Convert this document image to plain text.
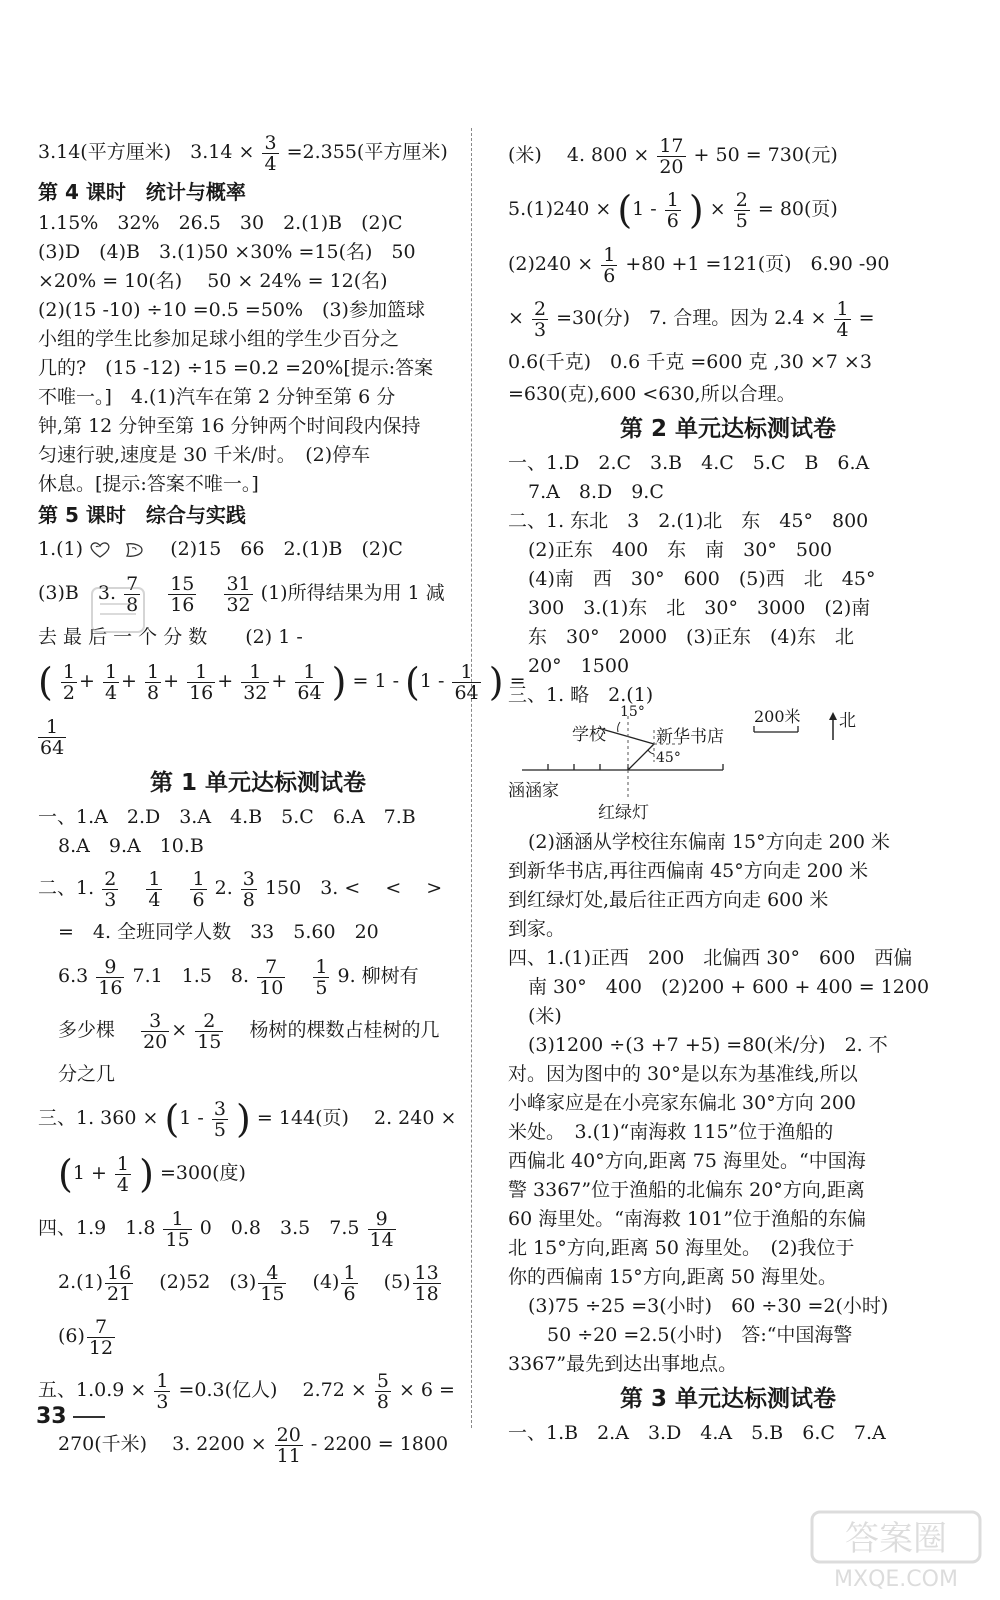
3.14(平方厘米)　$3.14 \times \frac{3}{4} =2.355$(平方厘米)
第 4 课时　统计与概率
1.15%　32%　26.5　30　2.(1)B　(2)C
(3)D　(4)B　3.(1)50 ×30% =15(名)　50
×20% = 10(名)　 50 × 24% = 12(名)
(2)(15 -10) ÷10 =0.5 =50%　(3)参加篮球
小组的学生比参加足球小组的学生少百分之
几的?　(15 -12) ÷15 =0.2 =20%[提示:答案
不唯一。]　4.(1)汽车在第 2 分钟至第 6 分
钟,第 12 分钟至第 16 分钟两个时间段内保持
匀速行驶,速度是 30 千米/时。　(2)停车
休息。[提示:答案不唯一。]
第 5 课时　综合与实践
1.(1)	　(2)15　66　2.(1)B　(2)C
(3)B　3. $\frac{7}{8}$
$\frac{15}{16}$
$\frac{31}{32} (1)$所得结果为用 1 减
去 最 后 一 个 分 数　　(2) 1 -
( $\frac{1}{2} + \frac{1}{4} + \frac{1}{8} + \frac{1}{16} + \frac{1}{32} + \frac{1}{64}$ ) = $1 - (1 - \frac{1}{64}$ ) =
$\frac{1}{64}$
第 1 单元达标测试卷
一、1.A　2.D　3.A　4.B　5.C　6.A　7.B
8.A　9.A　10.B
二、1. $\frac{2}{3}$
$\frac{1}{4}$
$\frac{1}{6} 2$. $\frac{3}{8} 150$　3. <　 <　 >
=　4. 全班同学人数　33　5.60　20
$6.3 \frac{9}{16} 7.1$　1.5　8. $\frac{7}{10}$
$\frac{1}{5} 9$. 柳树有
多少棵 $\frac{3}{20} \times \frac{2}{15}$ 杨树的棵数占桂树的几
分之几
三、1. $360 \times (1 - \frac{3}{5}$ ) = 144(页)　 2. 240 ×
($1 + \frac{1}{4}$ ) =300(度)
四、1.9　$1.8 \frac{1}{15} 0$　0.8　3.5　$7.5 \frac{9}{14}$
$2.(1) \frac{16}{21} (2)52$　$(3) \frac{4}{15} (4) \frac{1}{6} (5) \frac{13}{18}$
$(6) \frac{7}{12}$
五、$1.0.9 \times \frac{1}{3} =0.3$(亿人)　 $2.72 \times \frac{5}{8} \times 6$ =
270(千米)　 3. $2200 \times \frac{20}{11} - 2200 = 1800$
(米)　 4. $800 \times \frac{17}{20} + 50 = 730$(元)
$5.(1)240 \times (1 - \frac{1}{6}$ ) × $\frac{2}{5} = 80$(页)
$(2)240 \times \frac{1}{6} +80 +1 =121$(页)　6.90 -90
× $\frac{2}{3} =30$(分)　7. 合理。因为 $2.4 \times \frac{1}{4}$ =
0.6(千克)　0.6 千克 =600 克 ,30 ×7 ×3
=630(克),600 <630,所以合理。
第 2 单元达标测试卷
一、1.D　2.C　3.B　4.C　5.C　B　6.A
7.A　8.D　9.C
二、1. 东北　3　2.(1)北　东　45°　800
(2)正东　400　东　南　30°　500
(4)南　西　30°　600　(5)西　北　45°
300　3.(1)东　北　30°　3000　(2)南
东　30°　2000　(3)正东　(4)东　北
20°　1500
三、1. 略　2.(1)
学校
15°
新华书店
45°
涵涵家
红绿灯
200米 北
(2)涵涵从学校往东偏南 15°方向走 200 米
到新华书店,再往西偏南 45°方向走 200 米
到红绿灯处,最后往正西方向走 600 米
到家。
四、1.(1)正西　200　北偏西 30°　600　西偏
南 30°　400　(2)200 + 600 + 400 = 1200
(米)
(3)1200 ÷(3 +7 +5) =80(米/分)　2. 不
对。因为图中的 30°是以东为基准线,所以
小峰家应是在小亮家东偏北 30°方向 200
米处。　3.(1)“南海救 115”位于渔船的
西偏北 40°方向,距离 75 海里处。“中国海
警 3367”位于渔船的北偏东 20°方向,距离
60 海里处。“南海救 101”位于渔船的东偏
北 15°方向,距离 50 海里处。　(2)我位于
你的西偏南 15°方向,距离 50 海里处。
(3)75 ÷25 =3(小时)　60 ÷30 =2(小时)
　50 ÷20 =2.5(小时)　答:“中国海警
3367”最先到达出事地点。
第 3 单元达标测试卷
一、1.B　2.A　3.D　4.A　5.B　6.C　7.A
33
答案圈
MXQE.COM
